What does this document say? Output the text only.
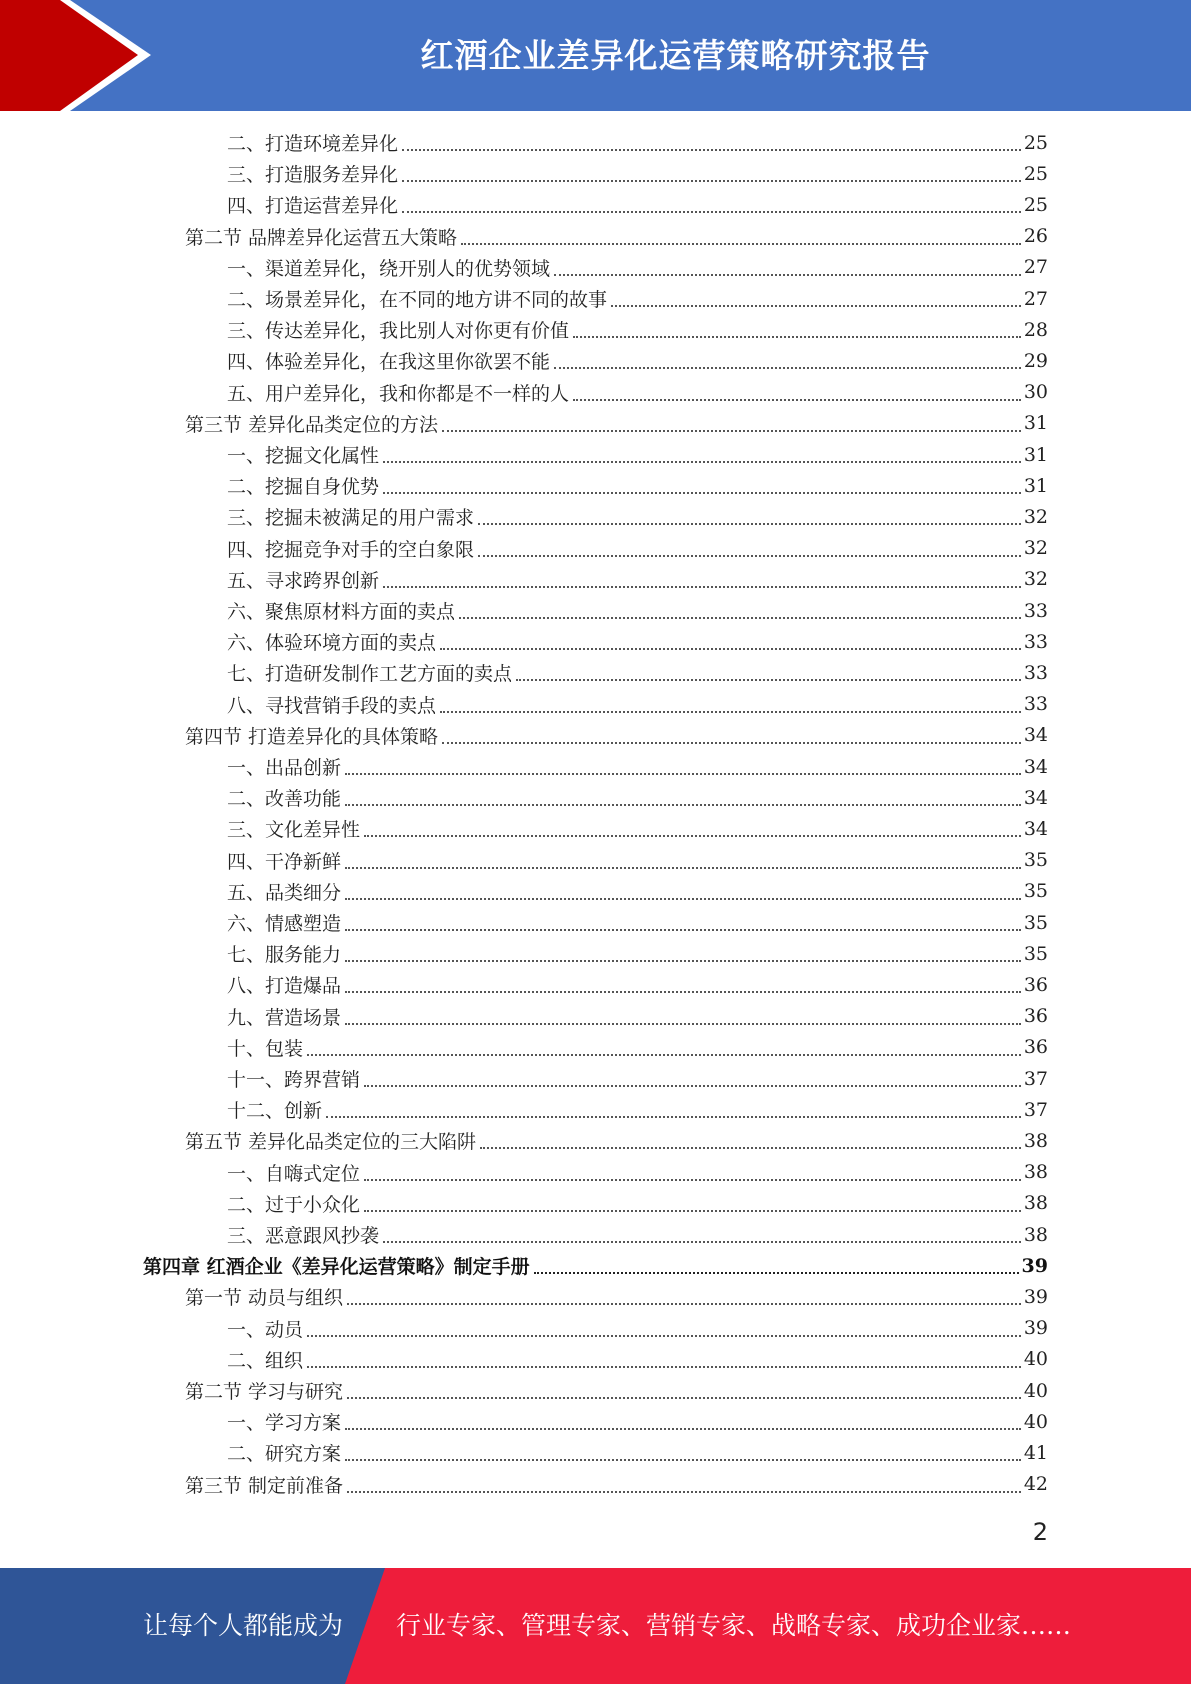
红酒企业差异化运营策略研究报告
二、打造环境差异化	25
三、打造服务差异化	25
四、打造运营差异化	25
第二节 品牌差异化运营五大策略	26
一、渠道差异化，绕开别人的优势领域	27
二、场景差异化，在不同的地方讲不同的故事	27
三、传达差异化，我比别人对你更有价值	28
四、体验差异化，在我这里你欲罢不能	29
五、用户差异化，我和你都是不一样的人	30
第三节 差异化品类定位的方法	31
一、挖掘文化属性	31
二、挖掘自身优势	31
三、挖掘未被满足的用户需求	32
四、挖掘竞争对手的空白象限	32
五、寻求跨界创新	32
六、聚焦原材料方面的卖点	33
六、体验环境方面的卖点	33
七、打造研发制作工艺方面的卖点	33
八、寻找营销手段的卖点	33
第四节 打造差异化的具体策略	34
一、出品创新	34
二、改善功能	34
三、文化差异性	34
四、干净新鲜	35
五、品类细分	35
六、情感塑造	35
七、服务能力	35
八、打造爆品	36
九、营造场景	36
十、包装	36
十一、跨界营销	37
十二、创新	37
第五节 差异化品类定位的三大陷阱	38
一、自嗨式定位	38
二、过于小众化	38
三、恶意跟风抄袭	38
第四章 红酒企业《差异化运营策略》制定手册	39
第一节 动员与组织	39
一、动员	39
二、组织	40
第二节 学习与研究	40
一、学习方案	40
二、研究方案	41
第三节 制定前准备	42
2
让每个人都能成为 行业专家、管理专家、营销专家、战略专家、成功企业家……
